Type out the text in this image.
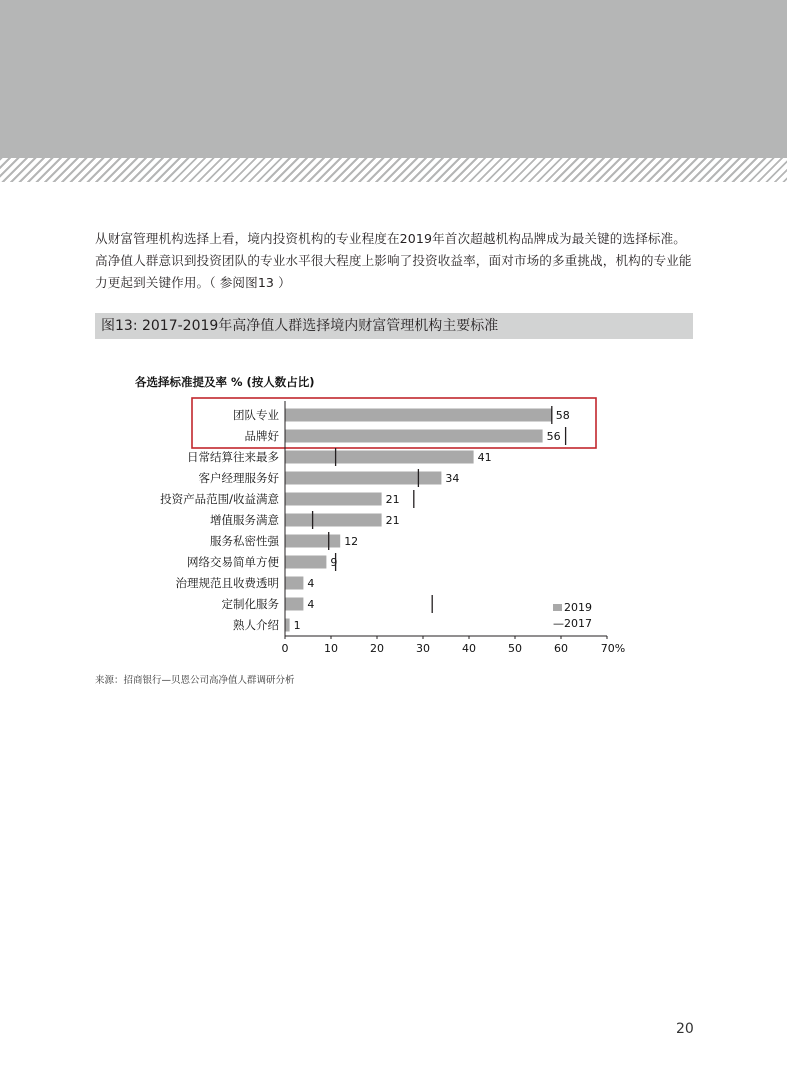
从财富管理机构选择上看，境内投资机构的专业程度在2019年首次超越机构品牌成为最关键的选择标准。高净值人群意识到投资团队的专业水平很大程度上影响了投资收益率，面对市场的多重挑战，机构的专业能力更起到关键作用。（ 参阅图13 ）

图13: 2017-2019年高净值人群选择境内财富管理机构主要标准
各选择标准提及率 % (按人数占比)
团队专业	58
品牌好	56
日常结算往来最多	41
客户经理服务好	34
投资产品范围/收益满意	21
增值服务满意	21
服务私密性强	12
网络交易简单方便	9
治理规范且收费透明	4
定制化服务	4
熟人介绍 1
0	10	20	30	40	50	60	70%
2019
—2017
来源：招商银行—贝恩公司高净值人群调研分析
20
